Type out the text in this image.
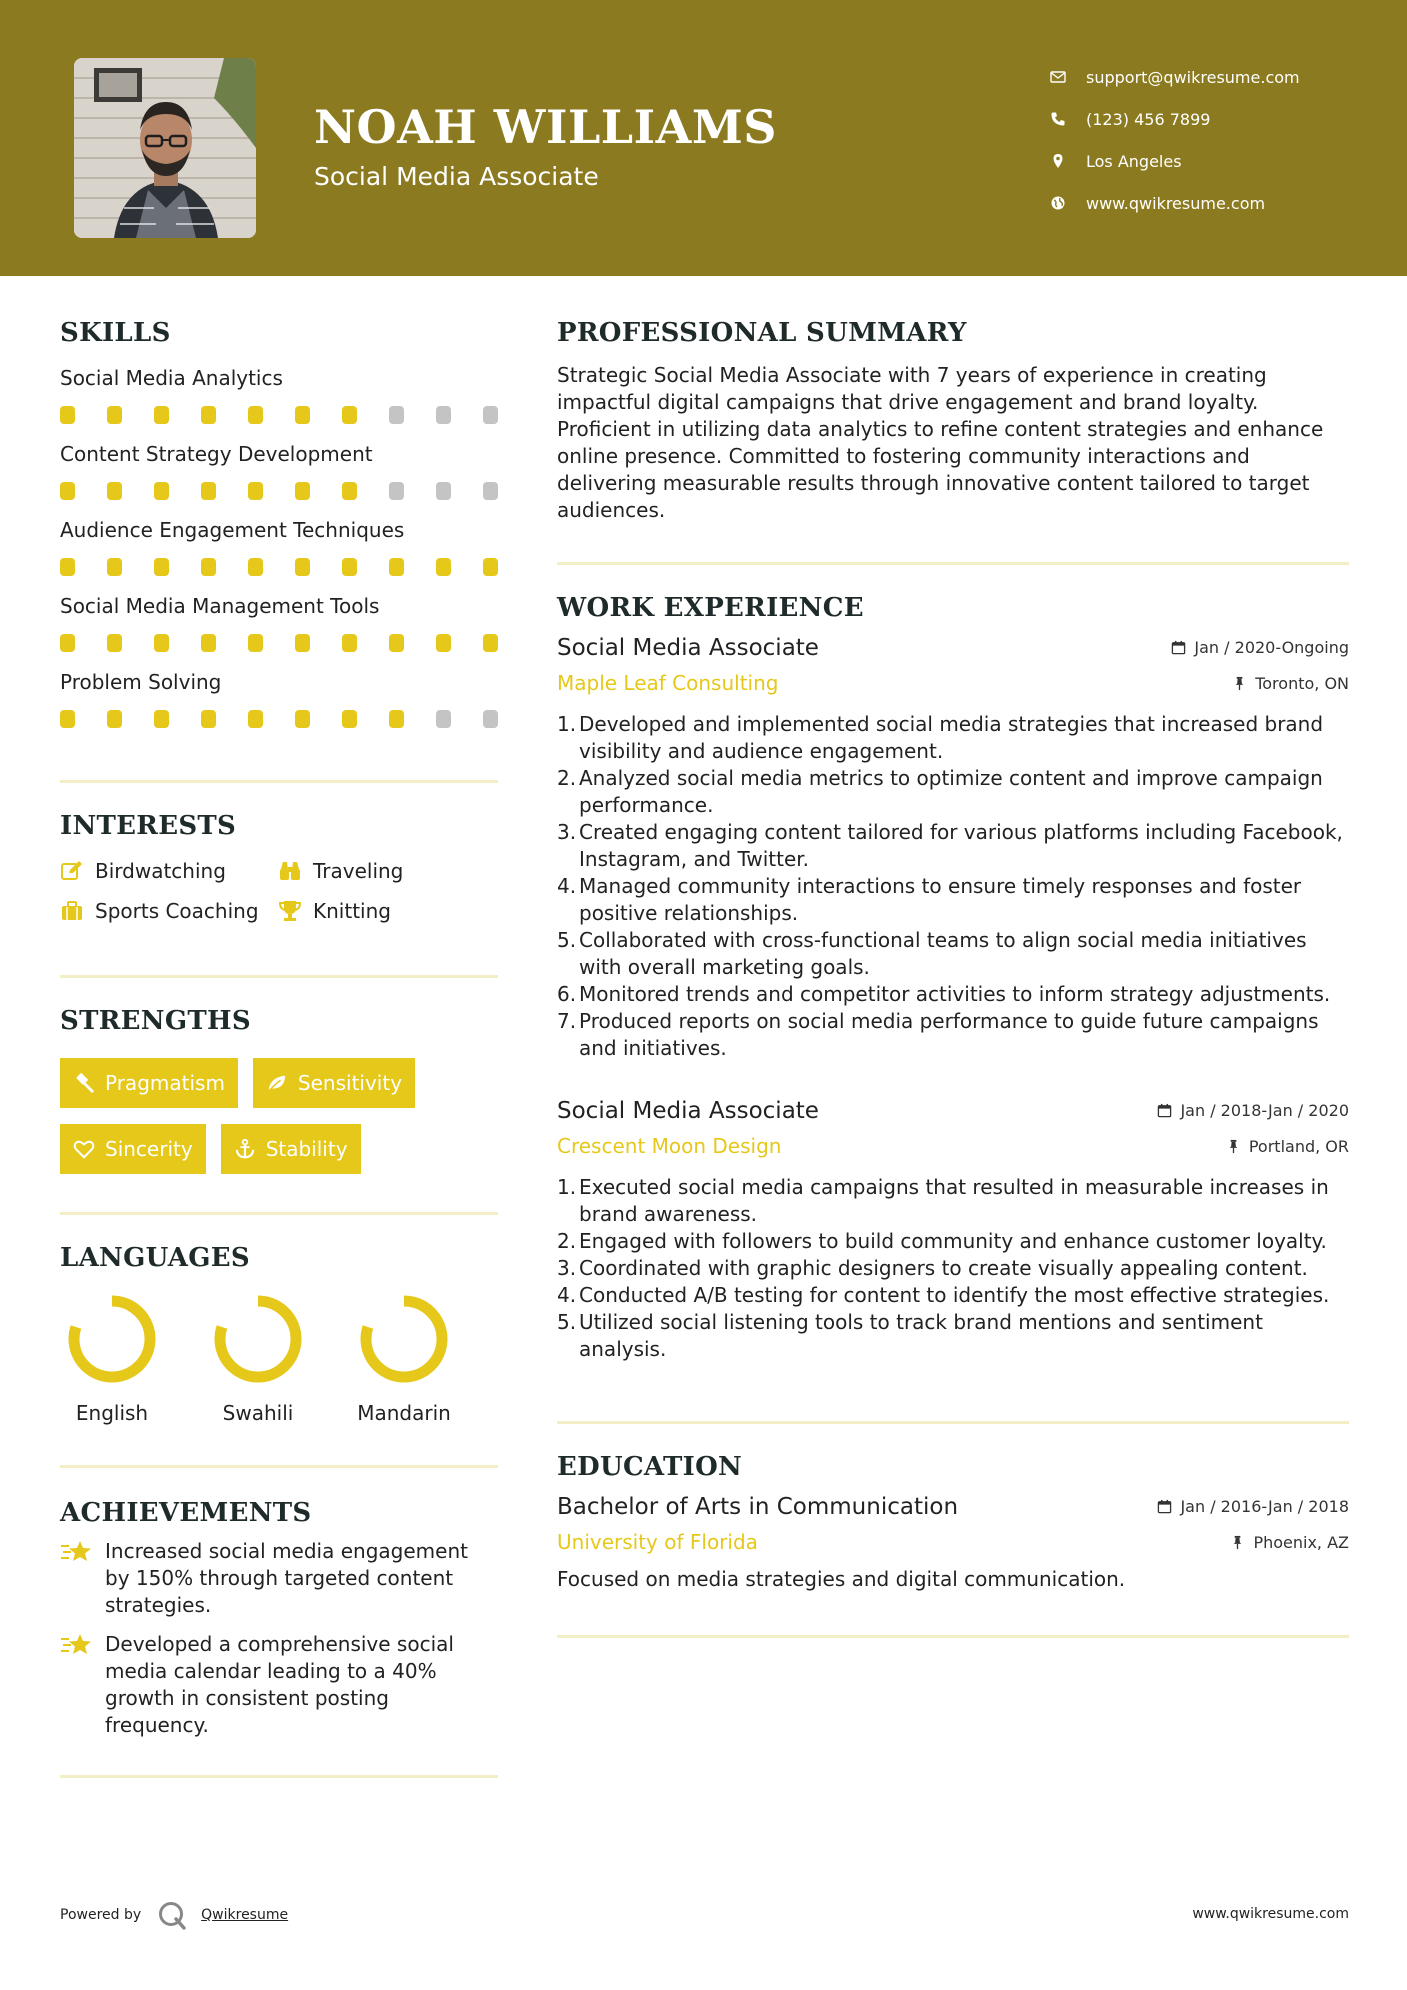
NOAH WILLIAMS
Social Media Associate
support@qwikresume.com
(123) 456 7899
Los Angeles
www.qwikresume.com
SKILLS
Social Media Analytics
Content Strategy Development
Audience Engagement Techniques
Social Media Management Tools
Problem Solving
INTERESTS
Birdwatching	Traveling
Sports Coaching	Knitting
STRENGTHS
Pragmatism	Sensitivity
Sincerity	Stability
LANGUAGES
English	Swahili	Mandarin
ACHIEVEMENTS
Increased social media engagement by 150% through targeted content strategies.
Developed a comprehensive social media calendar leading to a 40% growth in consistent posting frequency.
PROFESSIONAL SUMMARY
Strategic Social Media Associate with 7 years of experience in creating impactful digital campaigns that drive engagement and brand loyalty. Proficient in utilizing data analytics to refine content strategies and enhance online presence. Committed to fostering community interactions and delivering measurable results through innovative content tailored to target audiences.
WORK EXPERIENCE
Social Media Associate	Jan / 2020-Ongoing
Maple Leaf Consulting	Toronto, ON
1. Developed and implemented social media strategies that increased brand visibility and audience engagement.
2. Analyzed social media metrics to optimize content and improve campaign performance.
3. Created engaging content tailored for various platforms including Facebook, Instagram, and Twitter.
4. Managed community interactions to ensure timely responses and foster positive relationships.
5. Collaborated with cross-functional teams to align social media initiatives with overall marketing goals.
6. Monitored trends and competitor activities to inform strategy adjustments.
7. Produced reports on social media performance to guide future campaigns and initiatives.
Social Media Associate	Jan / 2018-Jan / 2020
Crescent Moon Design	Portland, OR
1. Executed social media campaigns that resulted in measurable increases in brand awareness.
2. Engaged with followers to build community and enhance customer loyalty.
3. Coordinated with graphic designers to create visually appealing content.
4. Conducted A/B testing for content to identify the most effective strategies.
5. Utilized social listening tools to track brand mentions and sentiment analysis.
EDUCATION
Bachelor of Arts in Communication	Jan / 2016-Jan / 2018
University of Florida	Phoenix, AZ
Focused on media strategies and digital communication.
Powered by	Qwikresume	www.qwikresume.com
